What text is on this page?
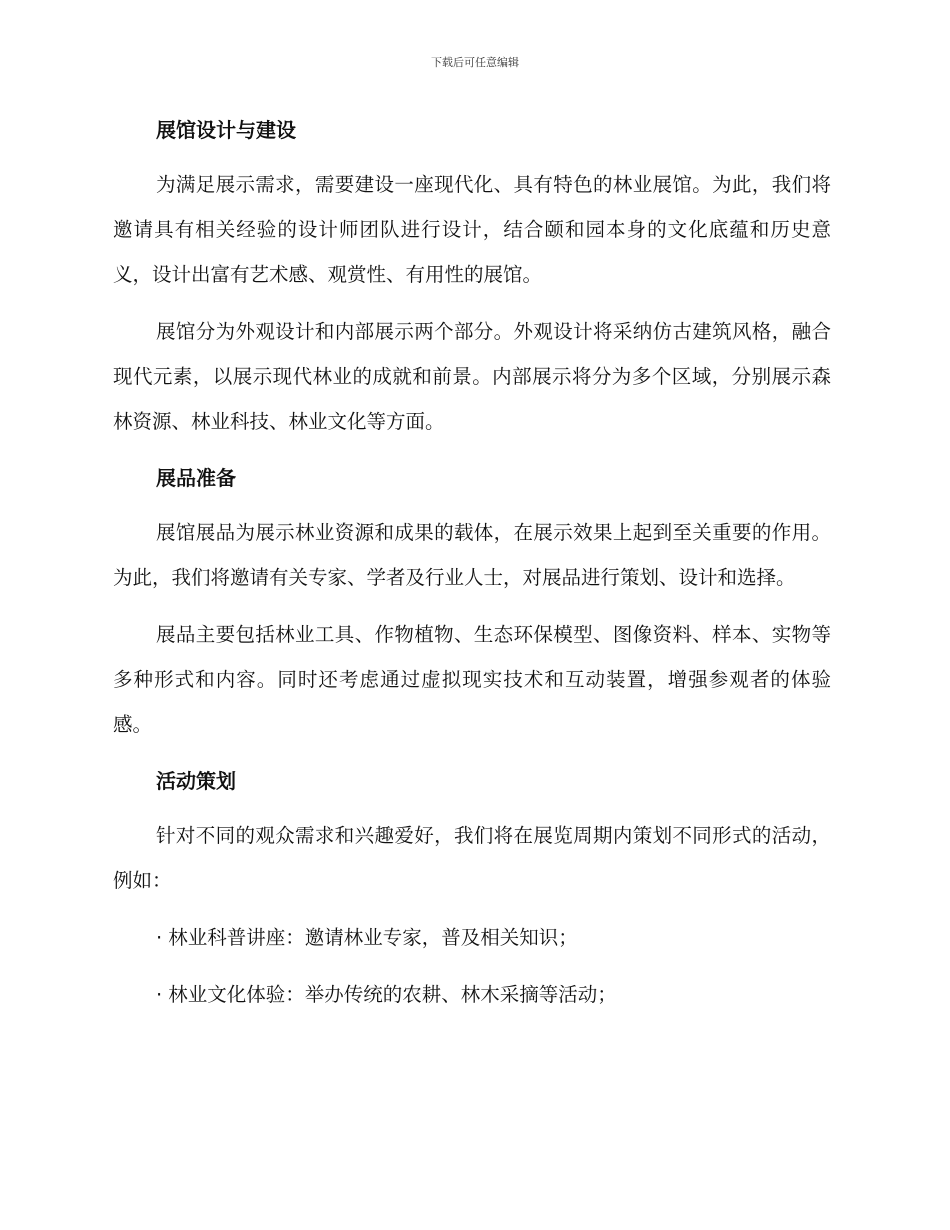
下载后可任意编辑
展馆设计与建设

为满足展示需求，需要建设一座现代化、具有特色的林业展馆。为此，我们将邀请具有相关经验的设计师团队进行设计，结合颐和园本身的文化底蕴和历史意义，设计出富有艺术感、观赏性、有用性的展馆。

展馆分为外观设计和内部展示两个部分。外观设计将采纳仿古建筑风格，融合现代元素，以展示现代林业的成就和前景。内部展示将分为多个区域，分别展示森林资源、林业科技、林业文化等方面。

展品准备

展馆展品为展示林业资源和成果的载体，在展示效果上起到至关重要的作用。为此，我们将邀请有关专家、学者及行业人士，对展品进行策划、设计和选择。

展品主要包括林业工具、作物植物、生态环保模型、图像资料、样本、实物等多种形式和内容。同时还考虑通过虚拟现实技术和互动装置，增强参观者的体验感。

活动策划

针对不同的观众需求和兴趣爱好，我们将在展览周期内策划不同形式的活动，例如：

· 林业科普讲座：邀请林业专家，普及相关知识；
· 林业文化体验：举办传统的农耕、林木采摘等活动；
